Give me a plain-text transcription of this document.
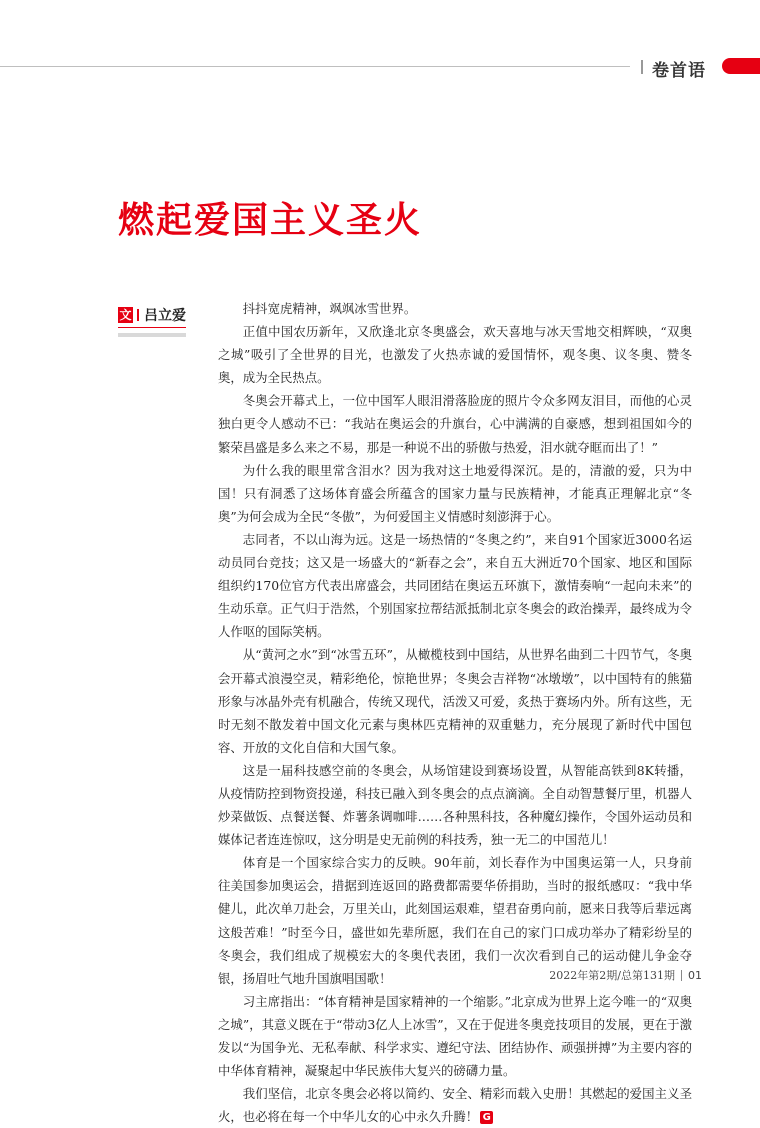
卷首语
燃起爱国主义圣火
文 吕立爱	抖抖宽虎精神，飒飒冰雪世界。

正值中国农历新年，又欣逢北京冬奥盛会，欢天喜地与冰天雪地交相辉映，“双奥之城”吸引了全世界的目光，也激发了火热赤诚的爱国情怀，观冬奥、议冬奥、赞冬奥，成为全民热点。

冬奥会开幕式上，一位中国军人眼泪滑落脸庞的照片令众多网友泪目，而他的心灵独白更令人感动不已：“我站在奥运会的升旗台，心中满满的自豪感，想到祖国如今的繁荣昌盛是多么来之不易，那是一种说不出的骄傲与热爱，泪水就夺眶而出了！”

为什么我的眼里常含泪水？因为我对这土地爱得深沉。是的，清澈的爱，只为中国！只有洞悉了这场体育盛会所蕴含的国家力量与民族精神，才能真正理解北京“冬奥”为何会成为全民“冬傲”，为何爱国主义情感时刻澎湃于心。

志同者，不以山海为远。这是一场热情的“冬奥之约”，来自91个国家近3000名运动员同台竞技；这又是一场盛大的“新春之会”，来自五大洲近70个国家、地区和国际组织约170位官方代表出席盛会，共同团结在奥运五环旗下，激情奏响“一起向未来”的生动乐章。正气归于浩然，个别国家拉帮结派抵制北京冬奥会的政治操弄，最终成为令人作呕的国际笑柄。

从“黄河之水”到“冰雪五环”，从橄榄枝到中国结，从世界名曲到二十四节气，冬奥会开幕式浪漫空灵，精彩绝伦，惊艳世界；冬奥会吉祥物“冰墩墩”，以中国特有的熊猫形象与冰晶外壳有机融合，传统又现代，活泼又可爱，炙热于赛场内外。所有这些，无时无刻不散发着中国文化元素与奥林匹克精神的双重魅力，充分展现了新时代中国包容、开放的文化自信和大国气象。

这是一届科技感空前的冬奥会，从场馆建设到赛场设置，从智能高铁到8K转播，从疫情防控到物资投递，科技已融入到冬奥会的点点滴滴。全自动智慧餐厅里，机器人炒菜做饭、点餐送餐、炸薯条调咖啡……各种黑科技，各种魔幻操作，令国外运动员和媒体记者连连惊叹，这分明是史无前例的科技秀，独一无二的中国范儿！

体育是一个国家综合实力的反映。90年前，刘长春作为中国奥运第一人，只身前往美国参加奥运会，措据到连返回的路费都需要华侨捐助，当时的报纸感叹：“我中华健儿，此次单刀赴会，万里关山，此刻国运艰难，望君奋勇向前，愿来日我等后辈远离这般苦难！”时至今日，盛世如先辈所愿，我们在自己的家门口成功举办了精彩纷呈的冬奥会，我们组成了规模宏大的冬奥代表团，我们一次次看到自己的运动健儿争金夺银，扬眉吐气地升国旗唱国歌！

习主席指出：“体育精神是国家精神的一个缩影。”北京成为世界上迄今唯一的“双奥之城”，其意义既在于“带动3亿人上冰雪”，又在于促进冬奥竞技项目的发展，更在于激发以“为国争光、无私奉献、科学求实、遵纪守法、团结协作、顽强拼搏”为主要内容的中华体育精神，凝聚起中华民族伟大复兴的磅礴力量。

我们坚信，北京冬奥会必将以简约、安全、精彩而载入史册！其燃起的爱国主义圣火，也必将在每一个中华儿女的心中永久升腾！ G

2022年第2期/总第131期 01
